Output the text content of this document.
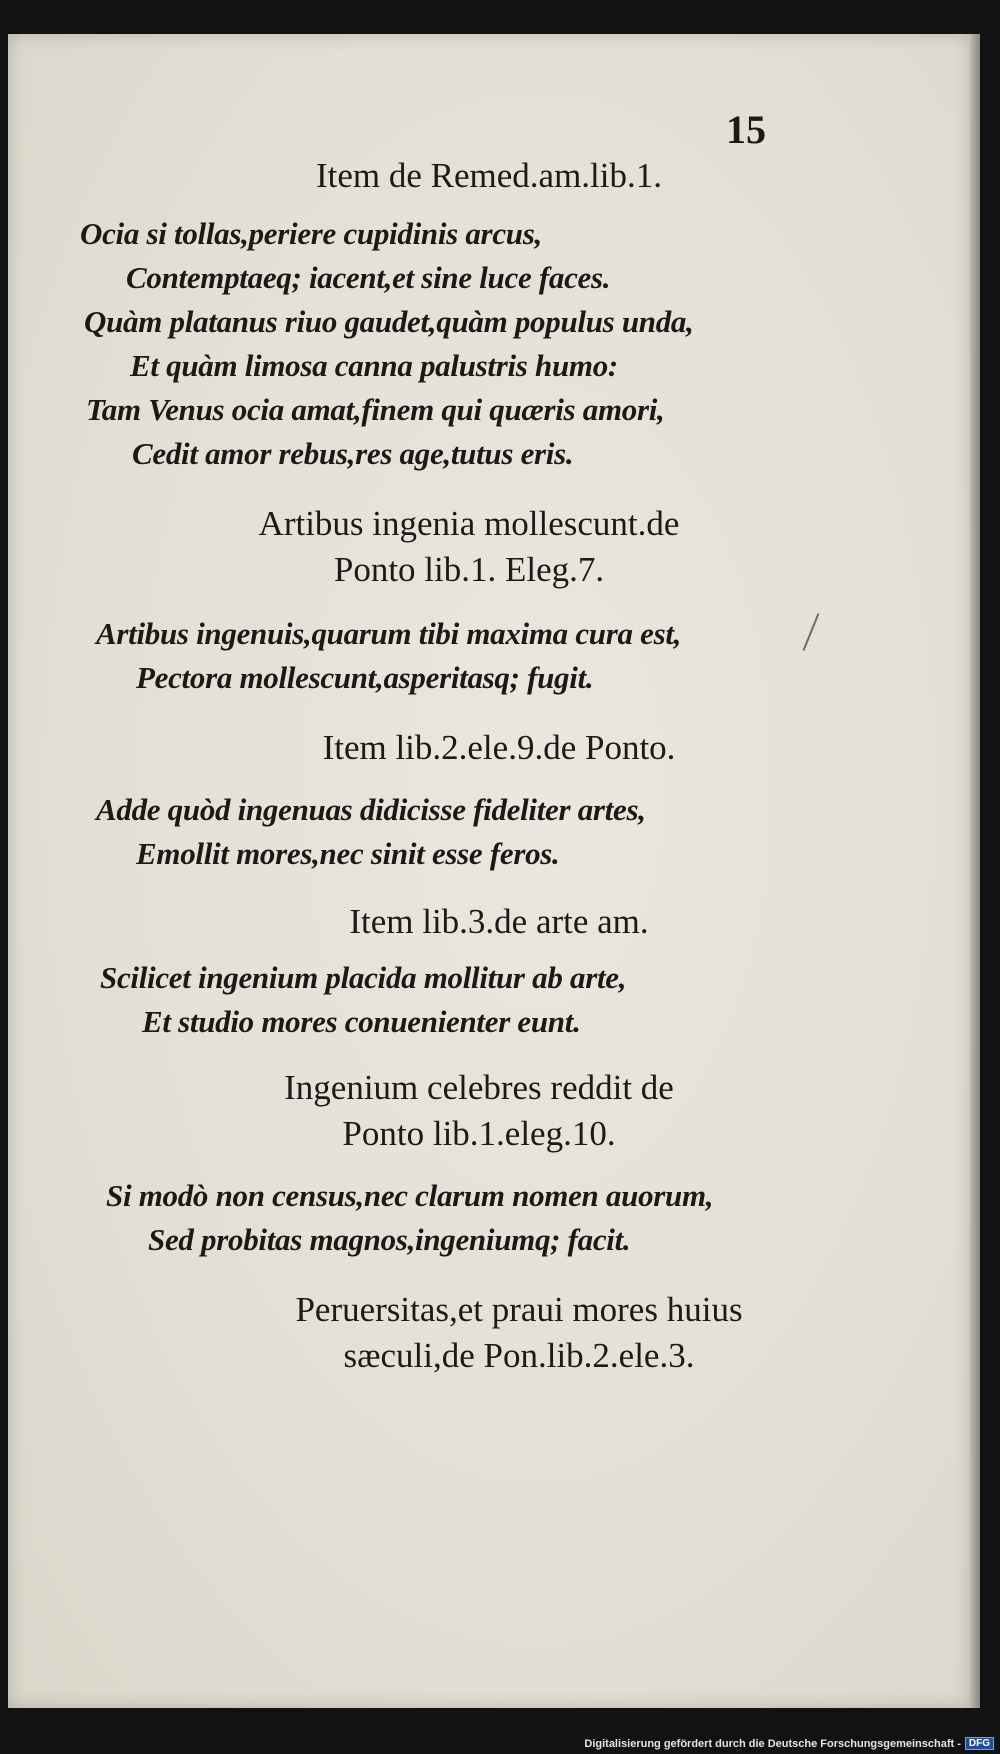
15
Item de Remed.am.lib.1.
Ocia si tollas,periere cupidinis arcus,
Contemptaeq; iacent,et sine luce faces.
Quàm platanus riuo gaudet,quàm populus unda,
Et quàm limosa canna palustris humo:
Tam Venus ocia amat,finem qui quæris amori,
Cedit amor rebus,res age,tutus eris.
Artibus ingenia mollescunt.de
Ponto lib.1. Eleg.7.
Artibus ingenuis,quarum tibi maxima cura est,
Pectora mollescunt,asperitasq; fugit.
Item lib.2.ele.9.de Ponto.
Adde quòd ingenuas didicisse fideliter artes,
Emollit mores,nec sinit esse feros.
Item lib.3.de arte am.
Scilicet ingenium placida mollitur ab arte,
Et studio mores conuenienter eunt.
Ingenium celebres reddit de
Ponto lib.1.eleg.10.
Si modò non census,nec clarum nomen auorum,
Sed probitas magnos,ingeniumq; facit.
Peruersitas,et praui mores huius
sæculi,de Pon.lib.2.ele.3.
Digitalisierung gefördert durch die Deutsche Forschungsgemeinschaft - DFG
